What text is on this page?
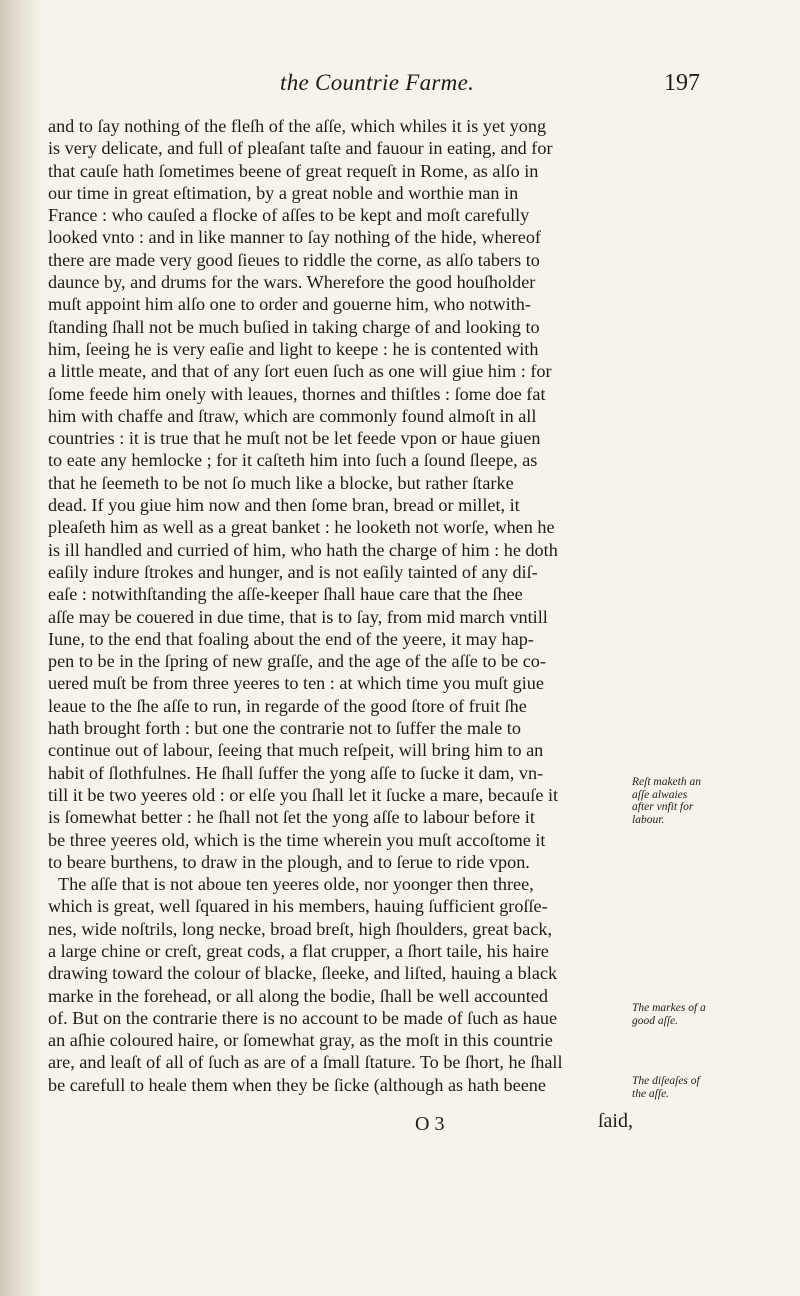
the Countrie Farme.	197
and to ſay nothing of the fleſh of the aſſe, which whiles it is yet yong
is very delicate, and full of pleaſant taſte and fauour in eating, and for
that cauſe hath ſometimes beene of great requeſt in Rome, as alſo in
our time in great eſtimation, by a great noble and worthie man in
France : who cauſed a flocke of aſſes to be kept and moſt carefully
looked vnto : and in like manner to ſay nothing of the hide, whereof
there are made very good ſieues to riddle the corne, as alſo tabers to
daunce by, and drums for the wars. Wherefore the good houſholder
muſt appoint him alſo one to order and gouerne him, who notwith-
ſtanding ſhall not be much buſied in taking charge of and looking to
him, ſeeing he is very eaſie and light to keepe : he is contented with
a little meate, and that of any ſort euen ſuch as one will giue him : for
ſome feede him onely with leaues, thornes and thiſtles : ſome doe fat
him with chaffe and ſtraw, which are commonly found almoſt in all
countries : it is true that he muſt not be let feede vpon or haue giuen
to eate any hemlocke ; for it caſteth him into ſuch a ſound ſleepe, as
that he ſeemeth to be not ſo much like a blocke, but rather ſtarke
dead. If you giue him now and then ſome bran, bread or millet, it
pleaſeth him as well as a great banket : he looketh not worſe, when he
is ill handled and curried of him, who hath the charge of him : he doth
eaſily indure ſtrokes and hunger, and is not eaſily tainted of any diſ-
eaſe : notwithſtanding the aſſe-keeper ſhall haue care that the ſhee
aſſe may be couered in due time, that is to ſay, from mid march vntill
Iune, to the end that foaling about the end of the yeere, it may hap-
pen to be in the ſpring of new graſſe, and the age of the aſſe to be co-
uered muſt be from three yeeres to ten : at which time you muſt giue
leaue to the ſhe aſſe to run, in regarde of the good ſtore of fruit ſhe
hath brought forth : but one the contrarie not to ſuffer the male to
continue out of labour, ſeeing that much reſpeit, will bring him to an
habit of ſlothfulnes. He ſhall ſuffer the yong aſſe to ſucke it dam, vn-
till it be two yeeres old : or elſe you ſhall let it ſucke a mare, becauſe it
is ſomewhat better : he ſhall not ſet the yong aſſe to labour before it
be three yeeres old, which is the time wherein you muſt accoſtome it
to beare burthens, to draw in the plough, and to ſerue to ride vpon.
The aſſe that is not aboue ten yeeres olde, nor yoonger then three,
which is great, well ſquared in his members, hauing ſufficient groſſe-
nes, wide noſtrils, long necke, broad breſt, high ſhoulders, great back,
a large chine or creſt, great cods, a flat crupper, a ſhort taile, his haire
drawing toward the colour of blacke, ſleeke, and liſted, hauing a black
marke in the forehead, or all along the bodie, ſhall be well accounted
of. But on the contrarie there is no account to be made of ſuch as haue
an aſhie coloured haire, or ſomewhat gray, as the moſt in this countrie
are, and leaſt of all of ſuch as are of a ſmall ſtature. To be ſhort, he ſhall
be carefull to heale them when they be ſicke (although as hath beene
Reſt maketh an
aſſe alwaies
after vnfit for
labour.
The markes of a
good aſſe.
The diſeaſes of
the aſſe.
O 3	ſaid,
